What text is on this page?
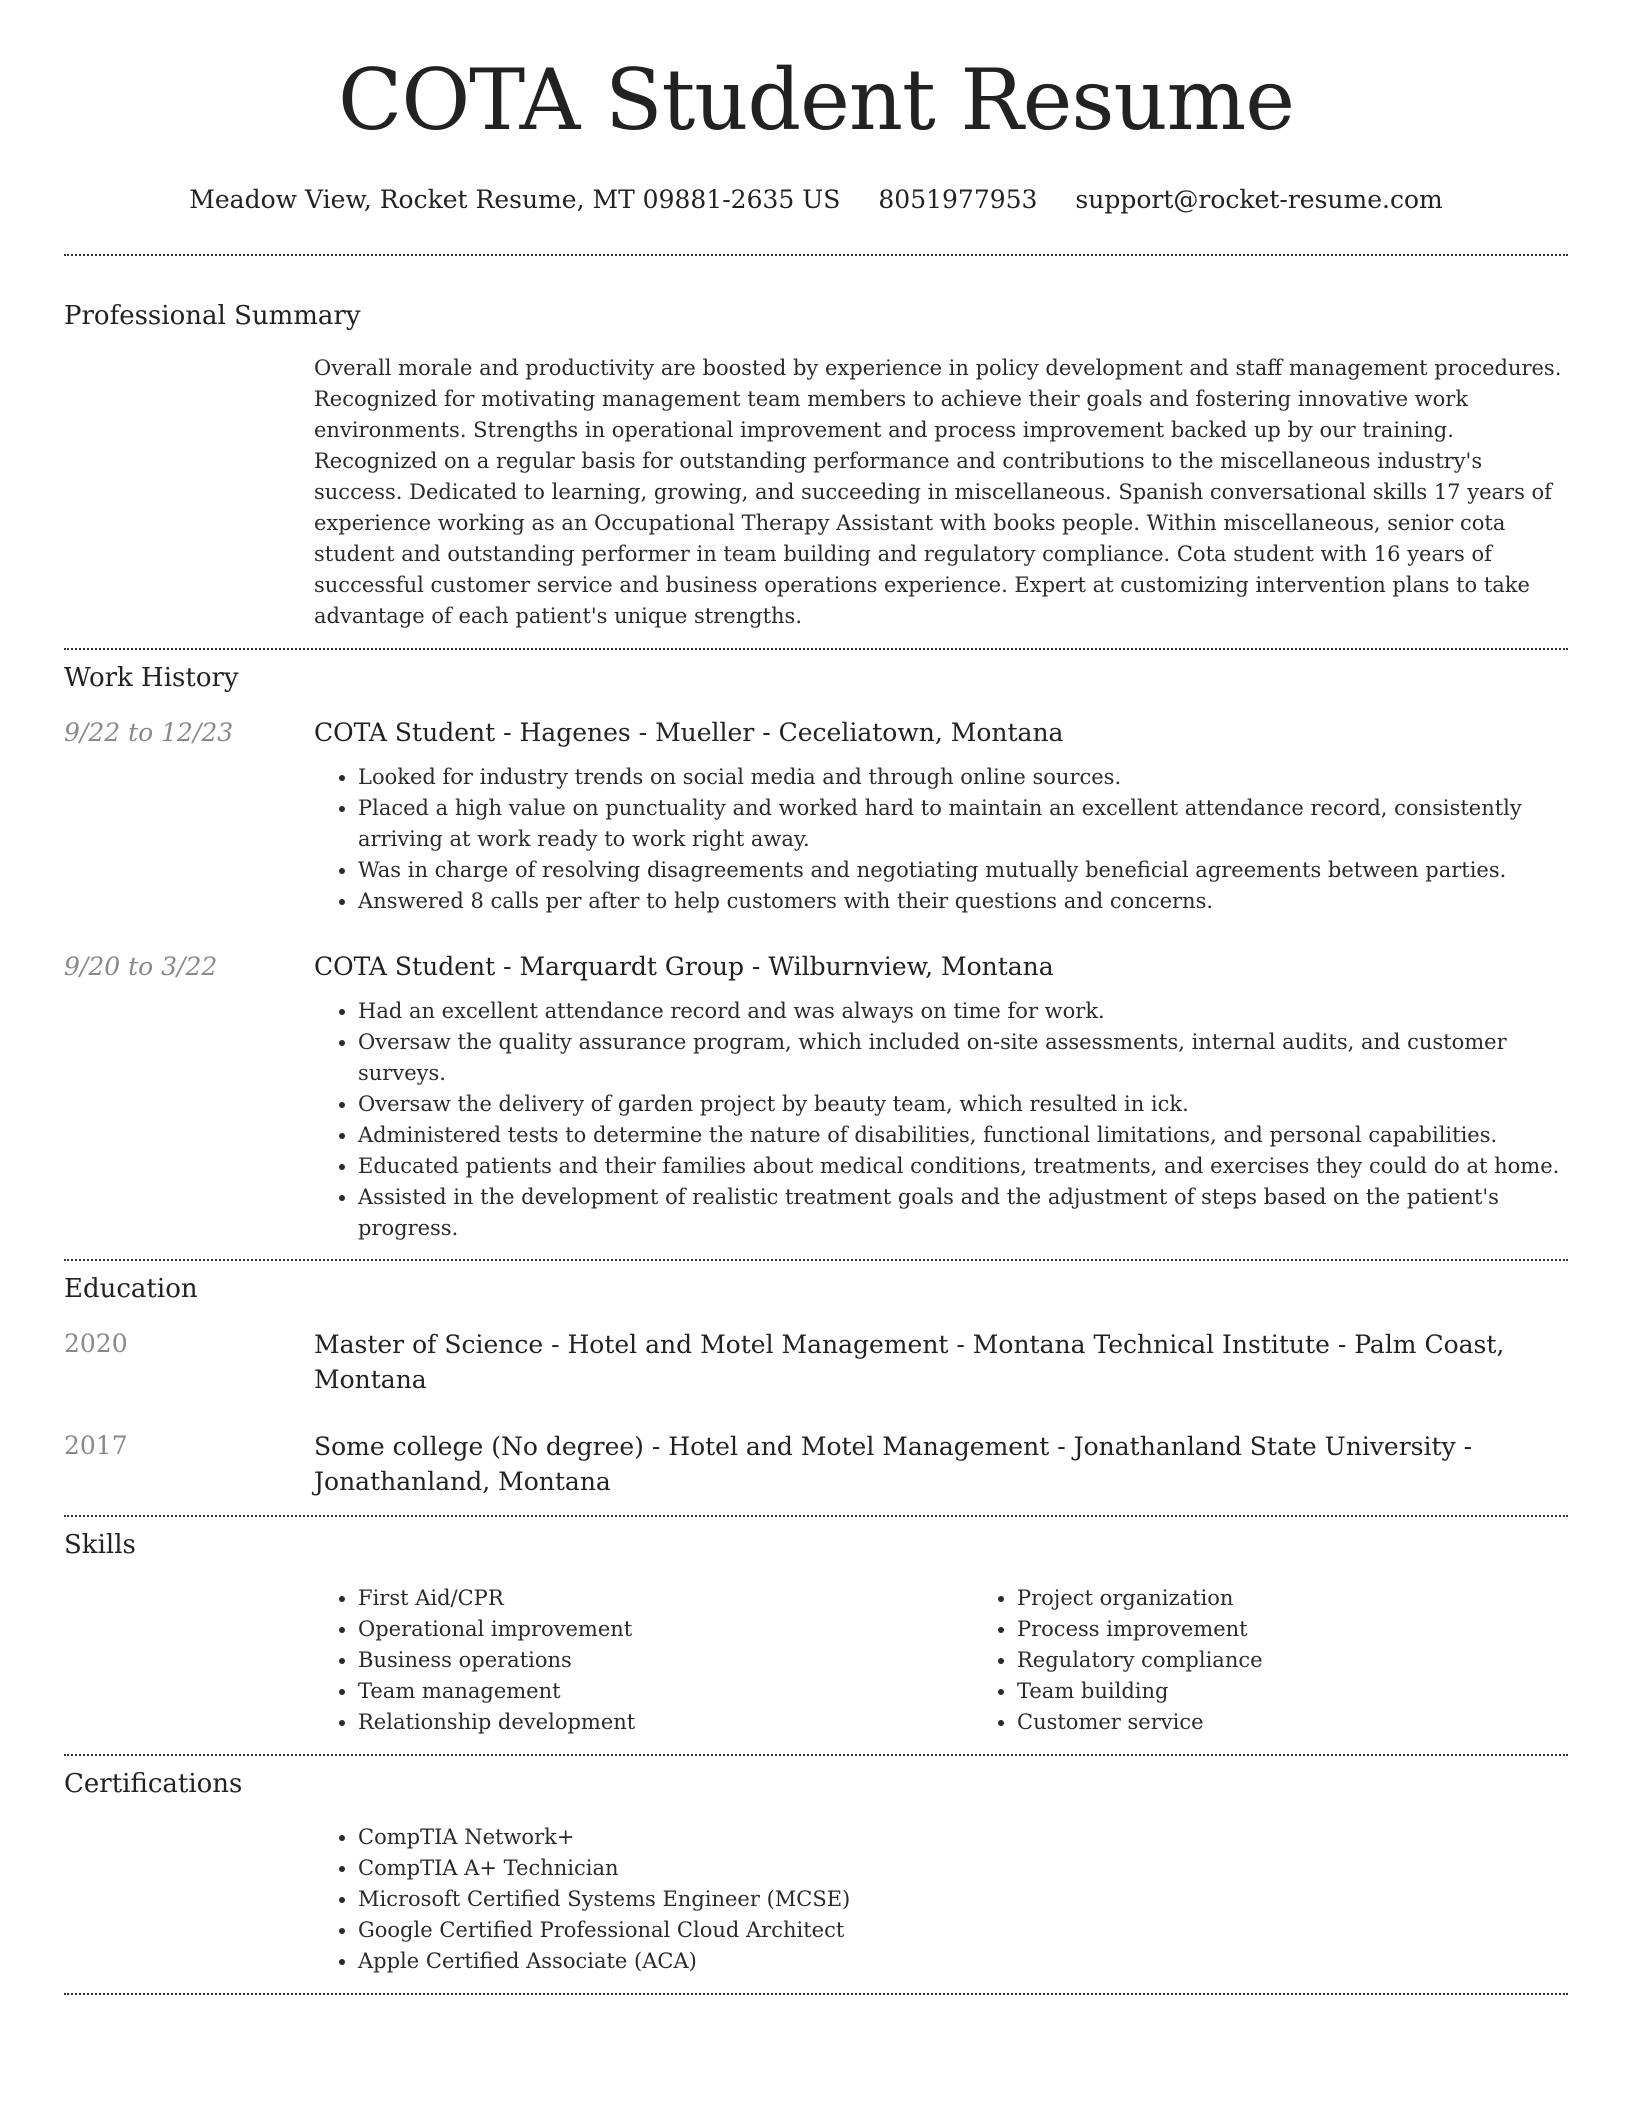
COTA Student Resume
Meadow View, Rocket Resume, MT 09881-2635 US 8051977953 support@rocket-resume.com
Professional Summary

Overall morale and productivity are boosted by experience in policy development and staff management procedures. Recognized for motivating management team members to achieve their goals and fostering innovative work environments. Strengths in operational improvement and process improvement backed up by our training. Recognized on a regular basis for outstanding performance and contributions to the miscellaneous industry's success. Dedicated to learning, growing, and succeeding in miscellaneous. Spanish conversational skills 17 years of experience working as an Occupational Therapy Assistant with books people. Within miscellaneous, senior cota student and outstanding performer in team building and regulatory compliance. Cota student with 16 years of successful customer service and business operations experience. Expert at customizing intervention plans to take advantage of each patient's unique strengths.

Work History
9/22 to 12/23	COTA Student - Hagenes - Mueller - Ceceliatown, Montana
• Looked for industry trends on social media and through online sources.
• Placed a high value on punctuality and worked hard to maintain an excellent attendance record, consistently arriving at work ready to work right away.
• Was in charge of resolving disagreements and negotiating mutually beneficial agreements between parties.
• Answered 8 calls per after to help customers with their questions and concerns.
9/20 to 3/22	COTA Student - Marquardt Group - Wilburnview, Montana
• Had an excellent attendance record and was always on time for work.
• Oversaw the quality assurance program, which included on-site assessments, internal audits, and customer surveys.
• Oversaw the delivery of garden project by beauty team, which resulted in ick.
• Administered tests to determine the nature of disabilities, functional limitations, and personal capabilities.
• Educated patients and their families about medical conditions, treatments, and exercises they could do at home.
• Assisted in the development of realistic treatment goals and the adjustment of steps based on the patient's progress.
Education
2020	Master of Science - Hotel and Motel Management - Montana Technical Institute - Palm Coast, Montana
2017	Some college (No degree) - Hotel and Motel Management - Jonathanland State University - Jonathanland, Montana
Skills
• First Aid/CPR
• Operational improvement
• Business operations
• Team management
• Relationship development
• Project organization
• Process improvement
• Regulatory compliance
• Team building
• Customer service
Certifications
• CompTIA Network+
• CompTIA A+ Technician
• Microsoft Certified Systems Engineer (MCSE)
• Google Certified Professional Cloud Architect
• Apple Certified Associate (ACA)
